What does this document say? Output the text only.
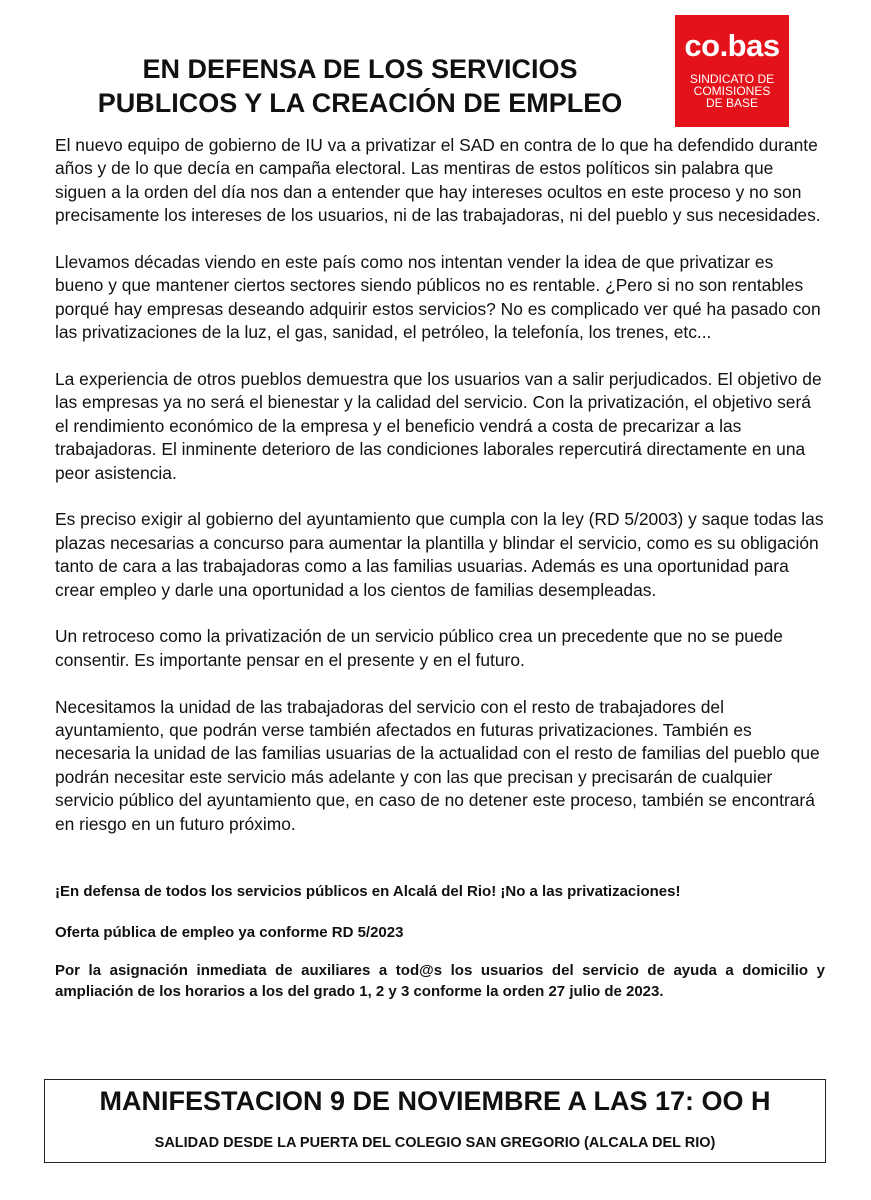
EN DEFENSA DE LOS SERVICIOS
PUBLICOS Y LA CREACIÓN DE EMPLEO
co.bas
SINDICATO DE
COMISIONES
DE BASE

El nuevo equipo de gobierno de IU va a privatizar el SAD en contra de lo que ha defendido durante años y de lo que decía en campaña electoral. Las mentiras de estos políticos sin palabra que siguen a la orden del día nos dan a entender que hay intereses ocultos en este proceso y no son precisamente los intereses de los usuarios, ni de las trabajadoras, ni del pueblo y sus necesidades.

Llevamos décadas viendo en este país como nos intentan vender la idea de que privatizar es bueno y que mantener ciertos sectores siendo públicos no es rentable. ¿Pero si no son rentables porqué hay empresas deseando adquirir estos servicios? No es complicado ver qué ha pasado con las privatizaciones de la luz, el gas, sanidad, el petróleo, la telefonía, los trenes, etc...

La experiencia de otros pueblos demuestra que los usuarios van a salir perjudicados. El objetivo de las empresas ya no será el bienestar y la calidad del servicio. Con la privatización, el objetivo será el rendimiento económico de la empresa y el beneficio vendrá a costa de precarizar a las trabajadoras. El inminente deterioro de las condiciones laborales repercutirá directamente en una peor asistencia.

Es preciso exigir al gobierno del ayuntamiento que cumpla con la ley (RD 5/2003) y saque todas las plazas necesarias a concurso para aumentar la plantilla y blindar el servicio, como es su obligación tanto de cara a las trabajadoras como a las familias usuarias. Además es una oportunidad para crear empleo y darle una oportunidad a los cientos de familias desempleadas.

Un retroceso como la privatización de un servicio público crea un precedente que no se puede consentir. Es importante pensar en el presente y en el futuro.

Necesitamos la unidad de las trabajadoras del servicio con el resto de trabajadores del ayuntamiento, que podrán verse también afectados en futuras privatizaciones. También es necesaria la unidad de las familias usuarias de la actualidad con el resto de familias del pueblo que podrán necesitar este servicio más adelante y con las que precisan y precisarán de cualquier servicio público del ayuntamiento que, en caso de no detener este proceso, también se encontrará en riesgo en un futuro próximo.

¡En defensa de todos los servicios públicos en Alcalá del Rio! ¡No a las privatizaciones!

Oferta pública de empleo ya conforme RD 5/2023

Por la asignación inmediata de auxiliares a tod@s los usuarios del servicio de ayuda a domicilio y ampliación de los horarios a los del grado 1, 2 y 3 conforme la orden 27 julio de 2023.

MANIFESTACION 9 DE NOVIEMBRE A LAS 17: OO H
SALIDAD DESDE LA PUERTA DEL COLEGIO SAN GREGORIO (ALCALA DEL RIO)
